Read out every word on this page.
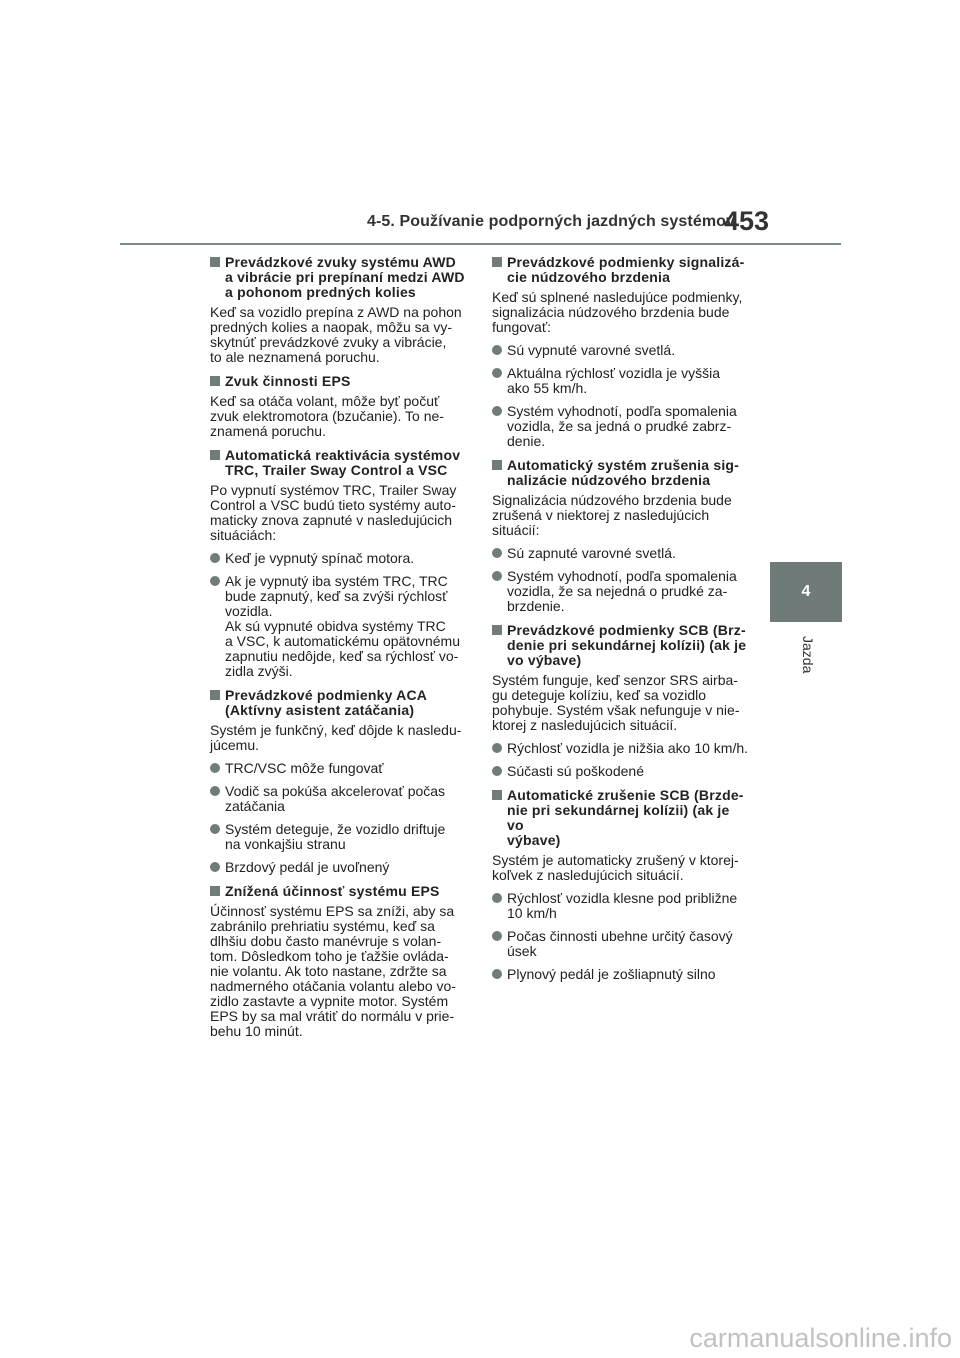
4-5. Používanie podporných jazdných systémov
453
4
Jazda
Prevádzkové zvuky systému AWD
a vibrácie pri prepínaní medzi AWD
a pohonom predných kolies
Keď sa vozidlo prepína z AWD na pohon
predných kolies a naopak, môžu sa vy-
skytnúť prevádzkové zvuky a vibrácie,
to ale neznamená poruchu.
Zvuk činnosti EPS
Keď sa otáča volant, môže byť počuť
zvuk elektromotora (bzučanie). To ne-
znamená poruchu.
Automatická reaktivácia systémov
TRC, Trailer Sway Control a VSC
Po vypnutí systémov TRC, Trailer Sway
Control a VSC budú tieto systémy auto-
maticky znova zapnuté v nasledujúcich
situáciách:
Keď je vypnutý spínač motora.
Ak je vypnutý iba systém TRC, TRC
bude zapnutý, keď sa zvýši rýchlosť
vozidla.
Ak sú vypnuté obidva systémy TRC
a VSC, k automatickému opätovnému
zapnutiu nedôjde, keď sa rýchlosť vo-
zidla zvýši.
Prevádzkové podmienky ACA
(Aktívny asistent zatáčania)
Systém je funkčný, keď dôjde k nasledu-
júcemu.
TRC/VSC môže fungovať
Vodič sa pokúša akcelerovať počas
zatáčania
Systém deteguje, že vozidlo driftuje
na vonkajšiu stranu
Brzdový pedál je uvoľnený
Znížená účinnosť systému EPS
Účinnosť systému EPS sa zníži, aby sa
zabránilo prehriatiu systému, keď sa
dlhšiu dobu často manévruje s volan-
tom. Dôsledkom toho je ťažšie ovláda-
nie volantu. Ak toto nastane, zdržte sa
nadmerného otáčania volantu alebo vo-
zidlo zastavte a vypnite motor. Systém
EPS by sa mal vrátiť do normálu v prie-
behu 10 minút.
Prevádzkové podmienky signalizá-
cie núdzového brzdenia
Keď sú splnené nasledujúce podmienky,
signalizácia núdzového brzdenia bude
fungovať:
Sú vypnuté varovné svetlá.
Aktuálna rýchlosť vozidla je vyššia
ako 55 km/h.
Systém vyhodnotí, podľa spomalenia
vozidla, že sa jedná o prudké zabrz-
denie.
Automatický systém zrušenia sig-
nalizácie núdzového brzdenia
Signalizácia núdzového brzdenia bude
zrušená v niektorej z nasledujúcich
situácií:
Sú zapnuté varovné svetlá.
Systém vyhodnotí, podľa spomalenia
vozidla, že sa nejedná o prudké za-
brzdenie.
Prevádzkové podmienky SCB (Brz-
denie pri sekundárnej kolízii) (ak je
vo výbave)
Systém funguje, keď senzor SRS airba-
gu deteguje kolíziu, keď sa vozidlo
pohybuje. Systém však nefunguje v nie-
ktorej z nasledujúcich situácií.
Rýchlosť vozidla je nižšia ako 10 km/h.
Súčasti sú poškodené
Automatické zrušenie SCB (Brzde-
nie pri sekundárnej kolízii) (ak je vo
výbave)
Systém je automaticky zrušený v ktorej-
koľvek z nasledujúcich situácií.
Rýchlosť vozidla klesne pod približne
10 km/h
Počas činnosti ubehne určitý časový
úsek
Plynový pedál je zošliapnutý silno
carmanualsonline.info
